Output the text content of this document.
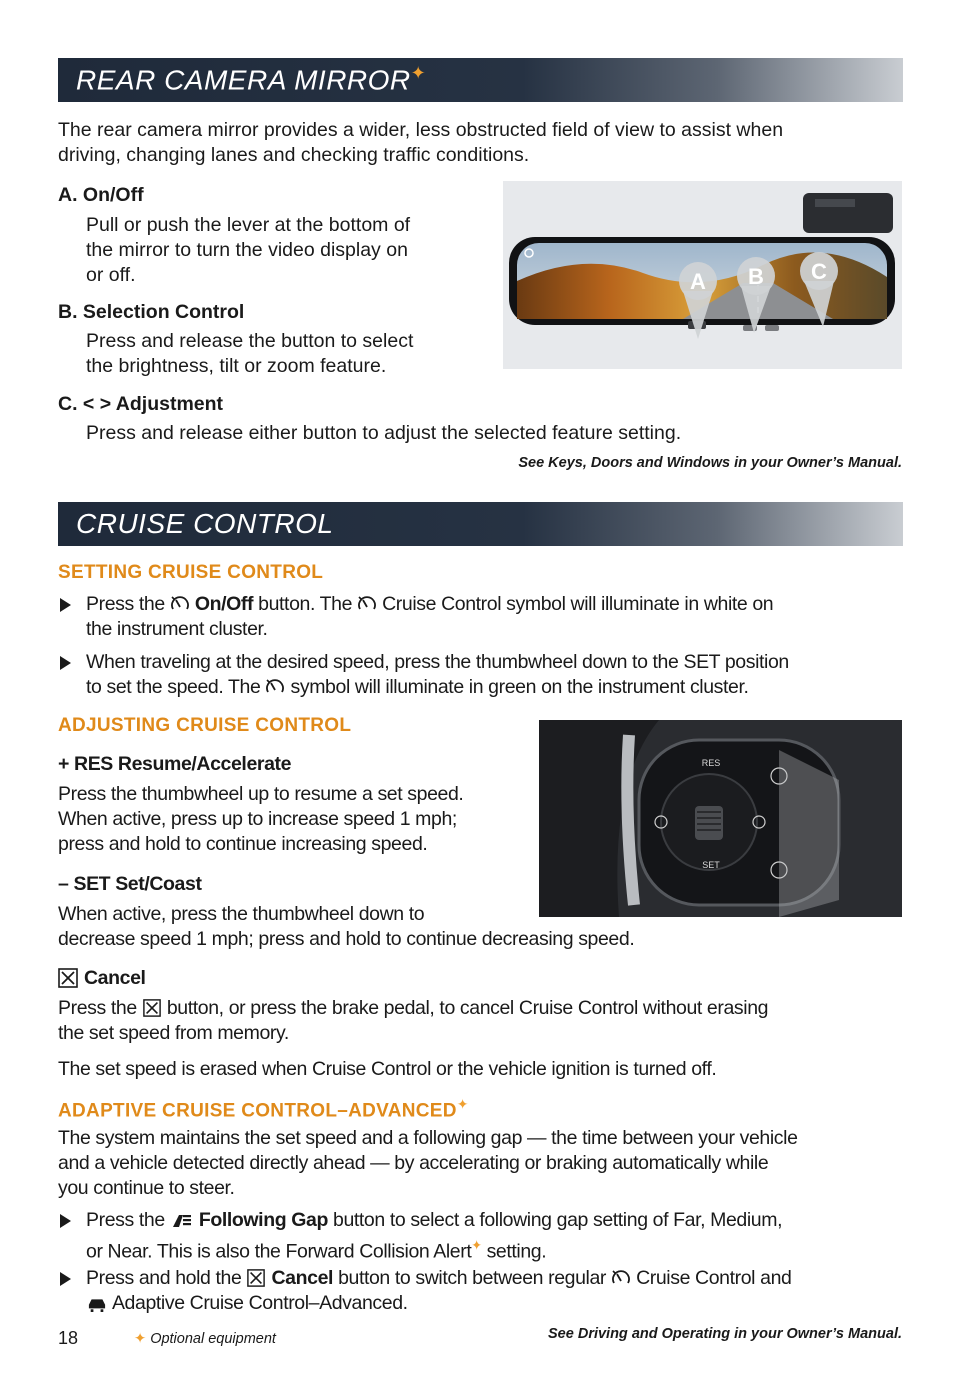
REAR CAMERA MIRROR✦
The rear camera mirror provides a wider, less obstructed field of view to assist when
driving, changing lanes and checking traffic conditions.
A. On/Off
Pull or push the lever at the bottom of
the mirror to turn the video display on
or off.
B. Selection Control
Press and release the button to select
the brightness, tilt or zoom feature.
C. < > Adjustment
Press and release either button to adjust the selected feature setting.
See Keys, Doors and Windows in your Owner’s Manual.
A B C
CRUISE CONTROL
SETTING CRUISE CONTROL
Press the On/Off button. The Cruise Control symbol will illuminate in white on
the instrument cluster.
When traveling at the desired speed, press the thumbwheel down to the SET position
to set the speed. The symbol will illuminate in green on the instrument cluster.
ADJUSTING CRUISE CONTROL
+ RES Resume/Accelerate
Press the thumbwheel up to resume a set speed.
When active, press up to increase speed 1 mph;
press and hold to continue increasing speed.
– SET Set/Coast
When active, press the thumbwheel down to
decrease speed 1 mph; press and hold to continue decreasing speed.
RES
SET
Cancel
Press the button, or press the brake pedal, to cancel Cruise Control without erasing
the set speed from memory.
The set speed is erased when Cruise Control or the vehicle ignition is turned off.
ADAPTIVE CRUISE CONTROL–ADVANCED✦
The system maintains the set speed and a following gap — the time between your vehicle
and a vehicle detected directly ahead — by accelerating or braking automatically while
you continue to steer.
Press the Following Gap button to select a following gap setting of Far, Medium,
or Near. This is also the Forward Collision Alert✦ setting.
Press and hold the Cancel button to switch between regular Cruise Control and
Adaptive Cruise Control–Advanced.
18	✦ Optional equipment	See Driving and Operating in your Owner’s Manual.
